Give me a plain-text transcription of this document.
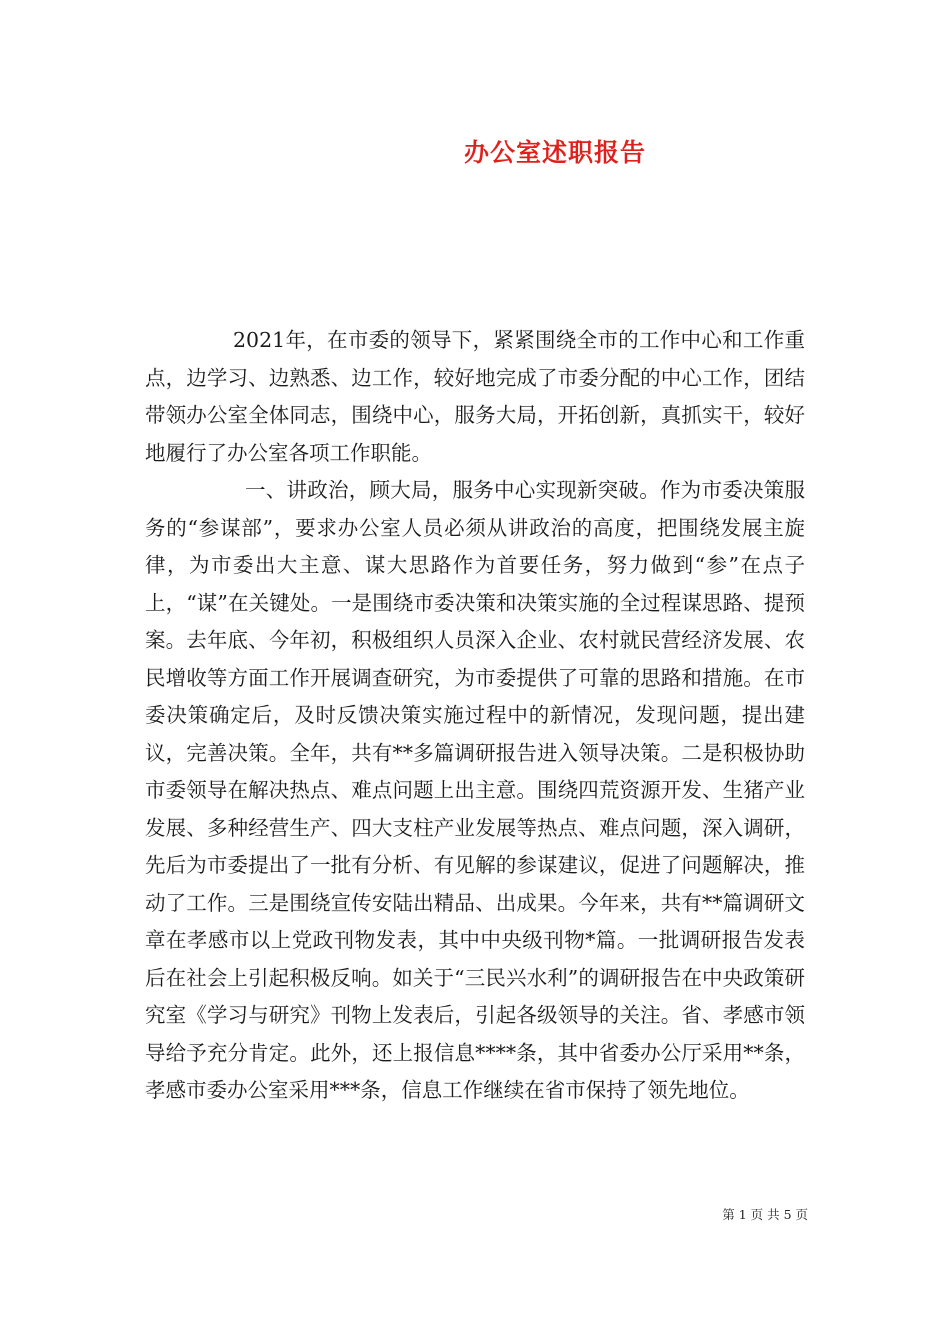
办公室述职报告

2021年，在市委的领导下，紧紧围绕全市的工作中心和工作重点，边学习、边熟悉、边工作，较好地完成了市委分配的中心工作，团结带领办公室全体同志，围绕中心，服务大局，开拓创新，真抓实干，较好地履行了办公室各项工作职能。

一、讲政治，顾大局，服务中心实现新突破。作为市委决策服务的“参谋部”，要求办公室人员必须从讲政治的高度，把围绕发展主旋律，为市委出大主意、谋大思路作为首要任务，努力做到“参”在点子上，“谋”在关键处。一是围绕市委决策和决策实施的全过程谋思路、提预案。去年底、今年初，积极组织人员深入企业、农村就民营经济发展、农民增收等方面工作开展调查研究，为市委提供了可靠的思路和措施。在市委决策确定后，及时反馈决策实施过程中的新情况，发现问题，提出建议，完善决策。全年，共有**多篇调研报告进入领导决策。二是积极协助市委领导在解决热点、难点问题上出主意。围绕四荒资源开发、生猪产业发展、多种经营生产、四大支柱产业发展等热点、难点问题，深入调研，先后为市委提出了一批有分析、有见解的参谋建议，促进了问题解决，推动了工作。三是围绕宣传安陆出精品、出成果。今年来，共有**篇调研文章在孝感市以上党政刊物发表，其中中央级刊物*篇。一批调研报告发表后在社会上引起积极反响。如关于“三民兴水利”的调研报告在中央政策研究室《学习与研究》刊物上发表后，引起各级领导的关注。省、孝感市领导给予充分肯定。此外，还上报信息****条，其中省委办公厅采用**条，孝感市委办公室采用***条，信息工作继续在省市保持了领先地位。

第 1 页 共 5 页
